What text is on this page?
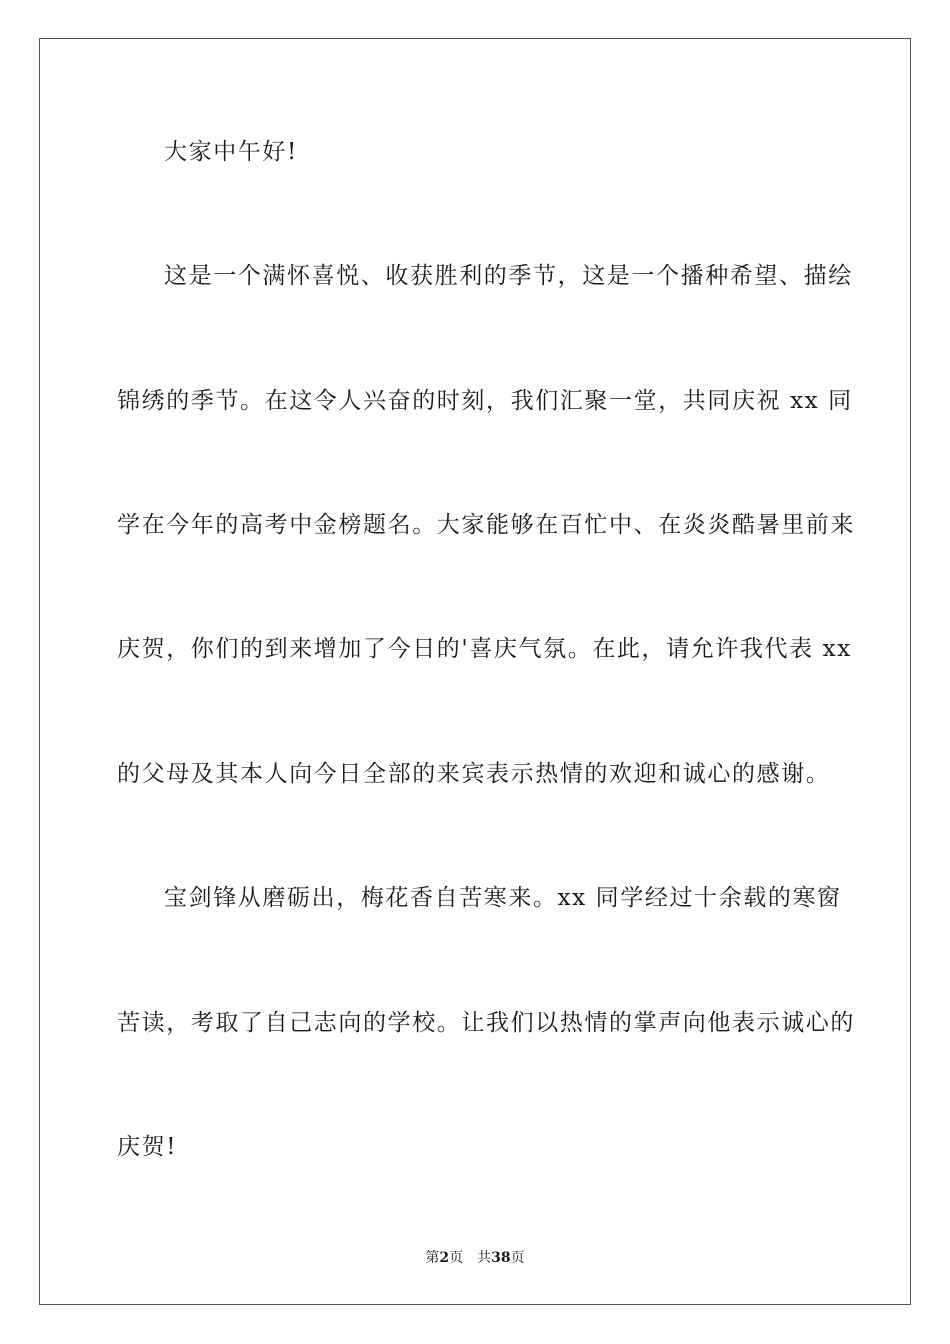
大家中午好!
这是一个满怀喜悦、收获胜利的季节，这是一个播种希望、描绘
锦绣的季节。在这令人兴奋的时刻，我们汇聚一堂，共同庆祝 xx 同
学在今年的高考中金榜题名。大家能够在百忙中、在炎炎酷暑里前来
庆贺，你们的到来增加了今日的'喜庆气氛。在此，请允许我代表 xx
的父母及其本人向今日全部的来宾表示热情的欢迎和诚心的感谢。
宝剑锋从磨砺出，梅花香自苦寒来。xx 同学经过十余载的寒窗
苦读，考取了自己志向的学校。让我们以热情的掌声向他表示诚心的
庆贺!
第2页 共38页
